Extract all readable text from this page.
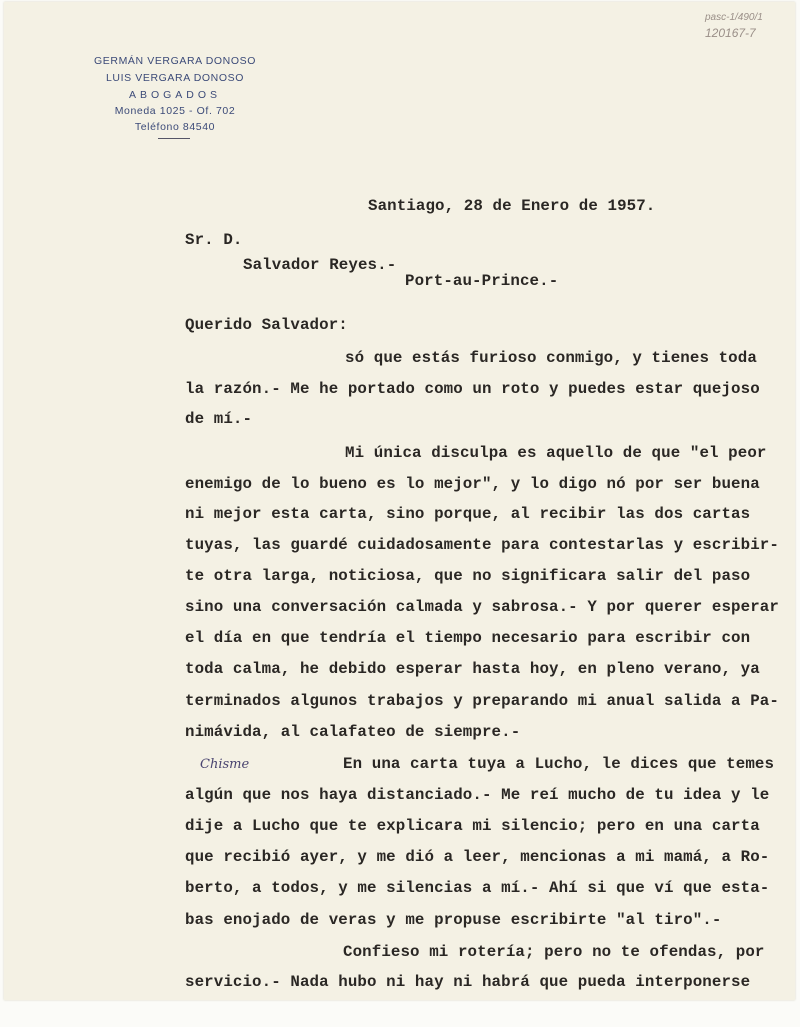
pasc-1/490/1
120167-7
GERMÁN VERGARA DONOSO
LUIS VERGARA DONOSO
ABOGADOS
Moneda 1025 - Of. 702
Teléfono 84540
Santiago, 28 de Enero de 1957.
Sr. D.
Salvador Reyes.-
Port-au-Prince.-
Querido Salvador:
só que estás furioso conmigo, y tienes toda
la razón.- Me he portado como un roto y puedes estar quejoso
de mí.-
Mi única disculpa es aquello de que "el peor
enemigo de lo bueno es lo mejor", y lo digo nó por ser buena
ni mejor esta carta, sino porque, al recibir las dos cartas
tuyas, las guardé cuidadosamente para contestarlas y escribir-
te otra larga, noticiosa, que no significara salir del paso
sino una conversación calmada y sabrosa.- Y por querer esperar
el día en que tendría el tiempo necesario para escribir con
toda calma, he debido esperar hasta hoy, en pleno verano, ya
terminados algunos trabajos y preparando mi anual salida a Pa-
nimávida, al calafateo de siempre.-
En una carta tuya a Lucho, le dices que temes
Chisme
algún que nos haya distanciado.- Me reí mucho de tu idea y le
dije a Lucho que te explicara mi silencio; pero en una carta
que recibió ayer, y me dió a leer, mencionas a mi mamá, a Ro-
berto, a todos, y me silencias a mí.- Ahí si que ví que esta-
bas enojado de veras y me propuse escribirte "al tiro".-
Confieso mi rotería; pero no te ofendas, por
servicio.- Nada hubo ni hay ni habrá que pueda interponerse
